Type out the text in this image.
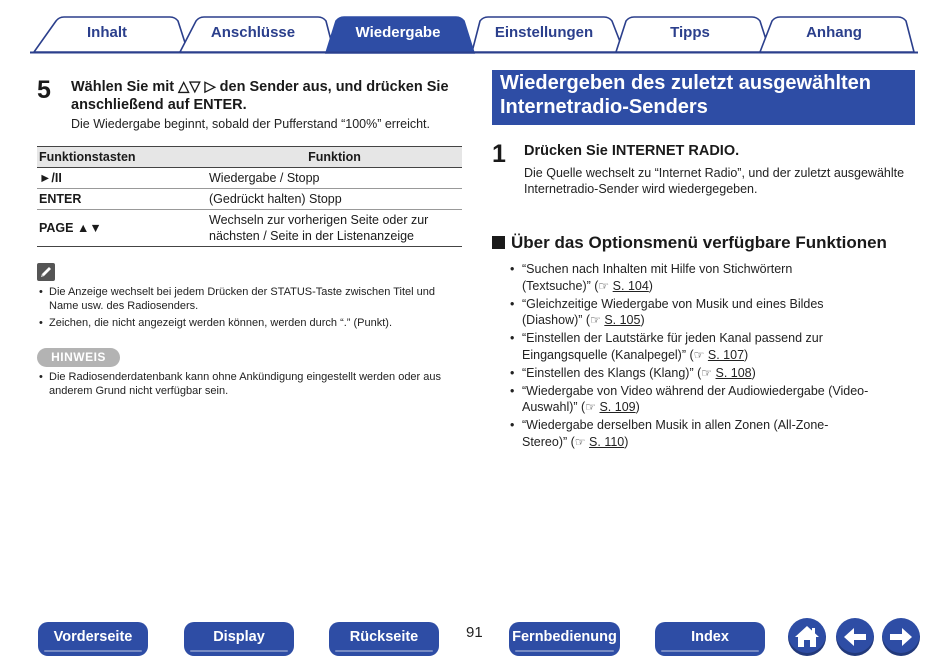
Inhalt	Anschlüsse	Wiedergabe	Einstellungen	Tipps	Anhang
5 Wählen Sie mit △▽ ▷ den Sender aus, und drücken Sie
anschließend auf ENTER.
Die Wiedergabe beginnt, sobald der Pufferstand “100%” erreicht.
Funktionstasten	Funktion
►/II	Wiedergabe / Stopp
ENTER	(Gedrückt halten) Stopp
PAGE ▲▼	Wechseln zur vorherigen Seite oder zur
nächsten / Seite in der Listenanzeige
• Die Anzeige wechselt bei jedem Drücken der STATUS-Taste zwischen Titel und
Name usw. des Radiosenders.
• Zeichen, die nicht angezeigt werden können, werden durch “.” (Punkt).
HINWEIS
• Die Radiosenderdatenbank kann ohne Ankündigung eingestellt werden oder aus
anderem Grund nicht verfügbar sein.
Wiedergeben des zuletzt ausgewählten
Internetradio-Senders
1 Drücken Sie INTERNET RADIO.
Die Quelle wechselt zu “Internet Radio”, und der zuletzt ausgewählte
Internetradio-Sender wird wiedergegeben.
Über das Optionsmenü verfügbare Funktionen
• “Suchen nach Inhalten mit Hilfe von Stichwörtern
(Textsuche)” (☞ S. 104)
• “Gleichzeitige Wiedergabe von Musik und eines Bildes
(Diashow)” (☞ S. 105)
• “Einstellen der Lautstärke für jeden Kanal passend zur
Eingangsquelle (Kanalpegel)” (☞ S. 107)
• “Einstellen des Klangs (Klang)” (☞ S. 108)
• “Wiedergabe von Video während der Audiowiedergabe (Video-
Auswahl)” (☞ S. 109)
• “Wiedergabe derselben Musik in allen Zonen (All-Zone-
Stereo)” (☞ S. 110)
Vorderseite	Display	Rückseite	91 Fernbedienung	Index
